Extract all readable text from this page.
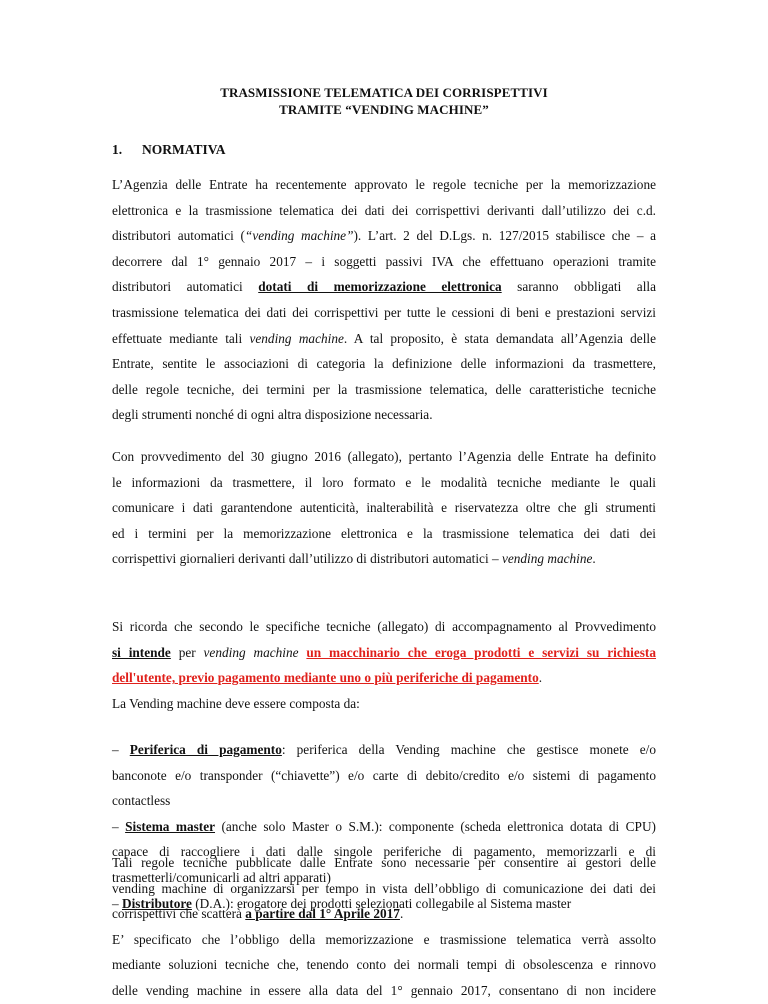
TRASMISSIONE TELEMATICA DEI CORRISPETTIVI
TRAMITE “VENDING MACHINE”
1. NORMATIVA
L’Agenzia delle Entrate ha recentemente approvato le regole tecniche per la memorizzazione
elettronica e la trasmissione telematica dei dati dei corrispettivi derivanti dall’utilizzo dei c.d.
distributori automatici (“vending machine”). L’art. 2 del D.Lgs. n. 127/2015 stabilisce che – a
decorrere dal 1° gennaio 2017 – i soggetti passivi IVA che effettuano operazioni tramite
distributori automatici dotati di memorizzazione elettronica saranno obbligati alla
trasmissione telematica dei dati dei corrispettivi per tutte le cessioni di beni e prestazioni servizi
effettuate mediante tali vending machine. A tal proposito, è stata demandata all’Agenzia delle
Entrate, sentite le associazioni di categoria la definizione delle informazioni da trasmettere,
delle regole tecniche, dei termini per la trasmissione telematica, delle caratteristiche tecniche
degli strumenti nonché di ogni altra disposizione necessaria.
Con provvedimento del 30 giugno 2016 (allegato), pertanto l’Agenzia delle Entrate ha definito
le informazioni da trasmettere, il loro formato e le modalità tecniche mediante le quali
comunicare i dati garantendone autenticità, inalterabilità e riservatezza oltre che gli strumenti
ed i termini per la memorizzazione elettronica e la trasmissione telematica dei dati dei
corrispettivi giornalieri derivanti dall’utilizzo di distributori automatici – vending machine.
Si ricorda che secondo le specifiche tecniche (allegato) di accompagnamento al Provvedimento
si intende per vending machine un macchinario che eroga prodotti e servizi su richiesta
dell'utente, previo pagamento mediante uno o più periferiche di pagamento.
La Vending machine deve essere composta da:
– Periferica di pagamento: periferica della Vending machine che gestisce monete e/o
banconote e/o transponder (“chiavette”) e/o carte di debito/credito e/o sistemi di pagamento
contactless
– Sistema master (anche solo Master o S.M.): componente (scheda elettronica dotata di CPU)
capace di raccogliere i dati dalle singole periferiche di pagamento, memorizzarli e di
trasmetterli/comunicarli ad altri apparati)
– Distributore (D.A.): erogatore dei prodotti selezionati collegabile al Sistema master
Tali regole tecniche pubblicate dalle Entrate sono necessarie per consentire ai gestori delle
vending machine di organizzarsi per tempo in vista dell’obbligo di comunicazione dei dati dei
corrispettivi che scatterà a partire dal 1° Aprile 2017.
E’ specificato che l’obbligo della memorizzazione e trasmissione telematica verrà assolto
mediante soluzioni tecniche che, tenendo conto dei normali tempi di obsolescenza e rinnovo
delle vending machine in essere alla data del 1° gennaio 2017, consentano di non incidere
